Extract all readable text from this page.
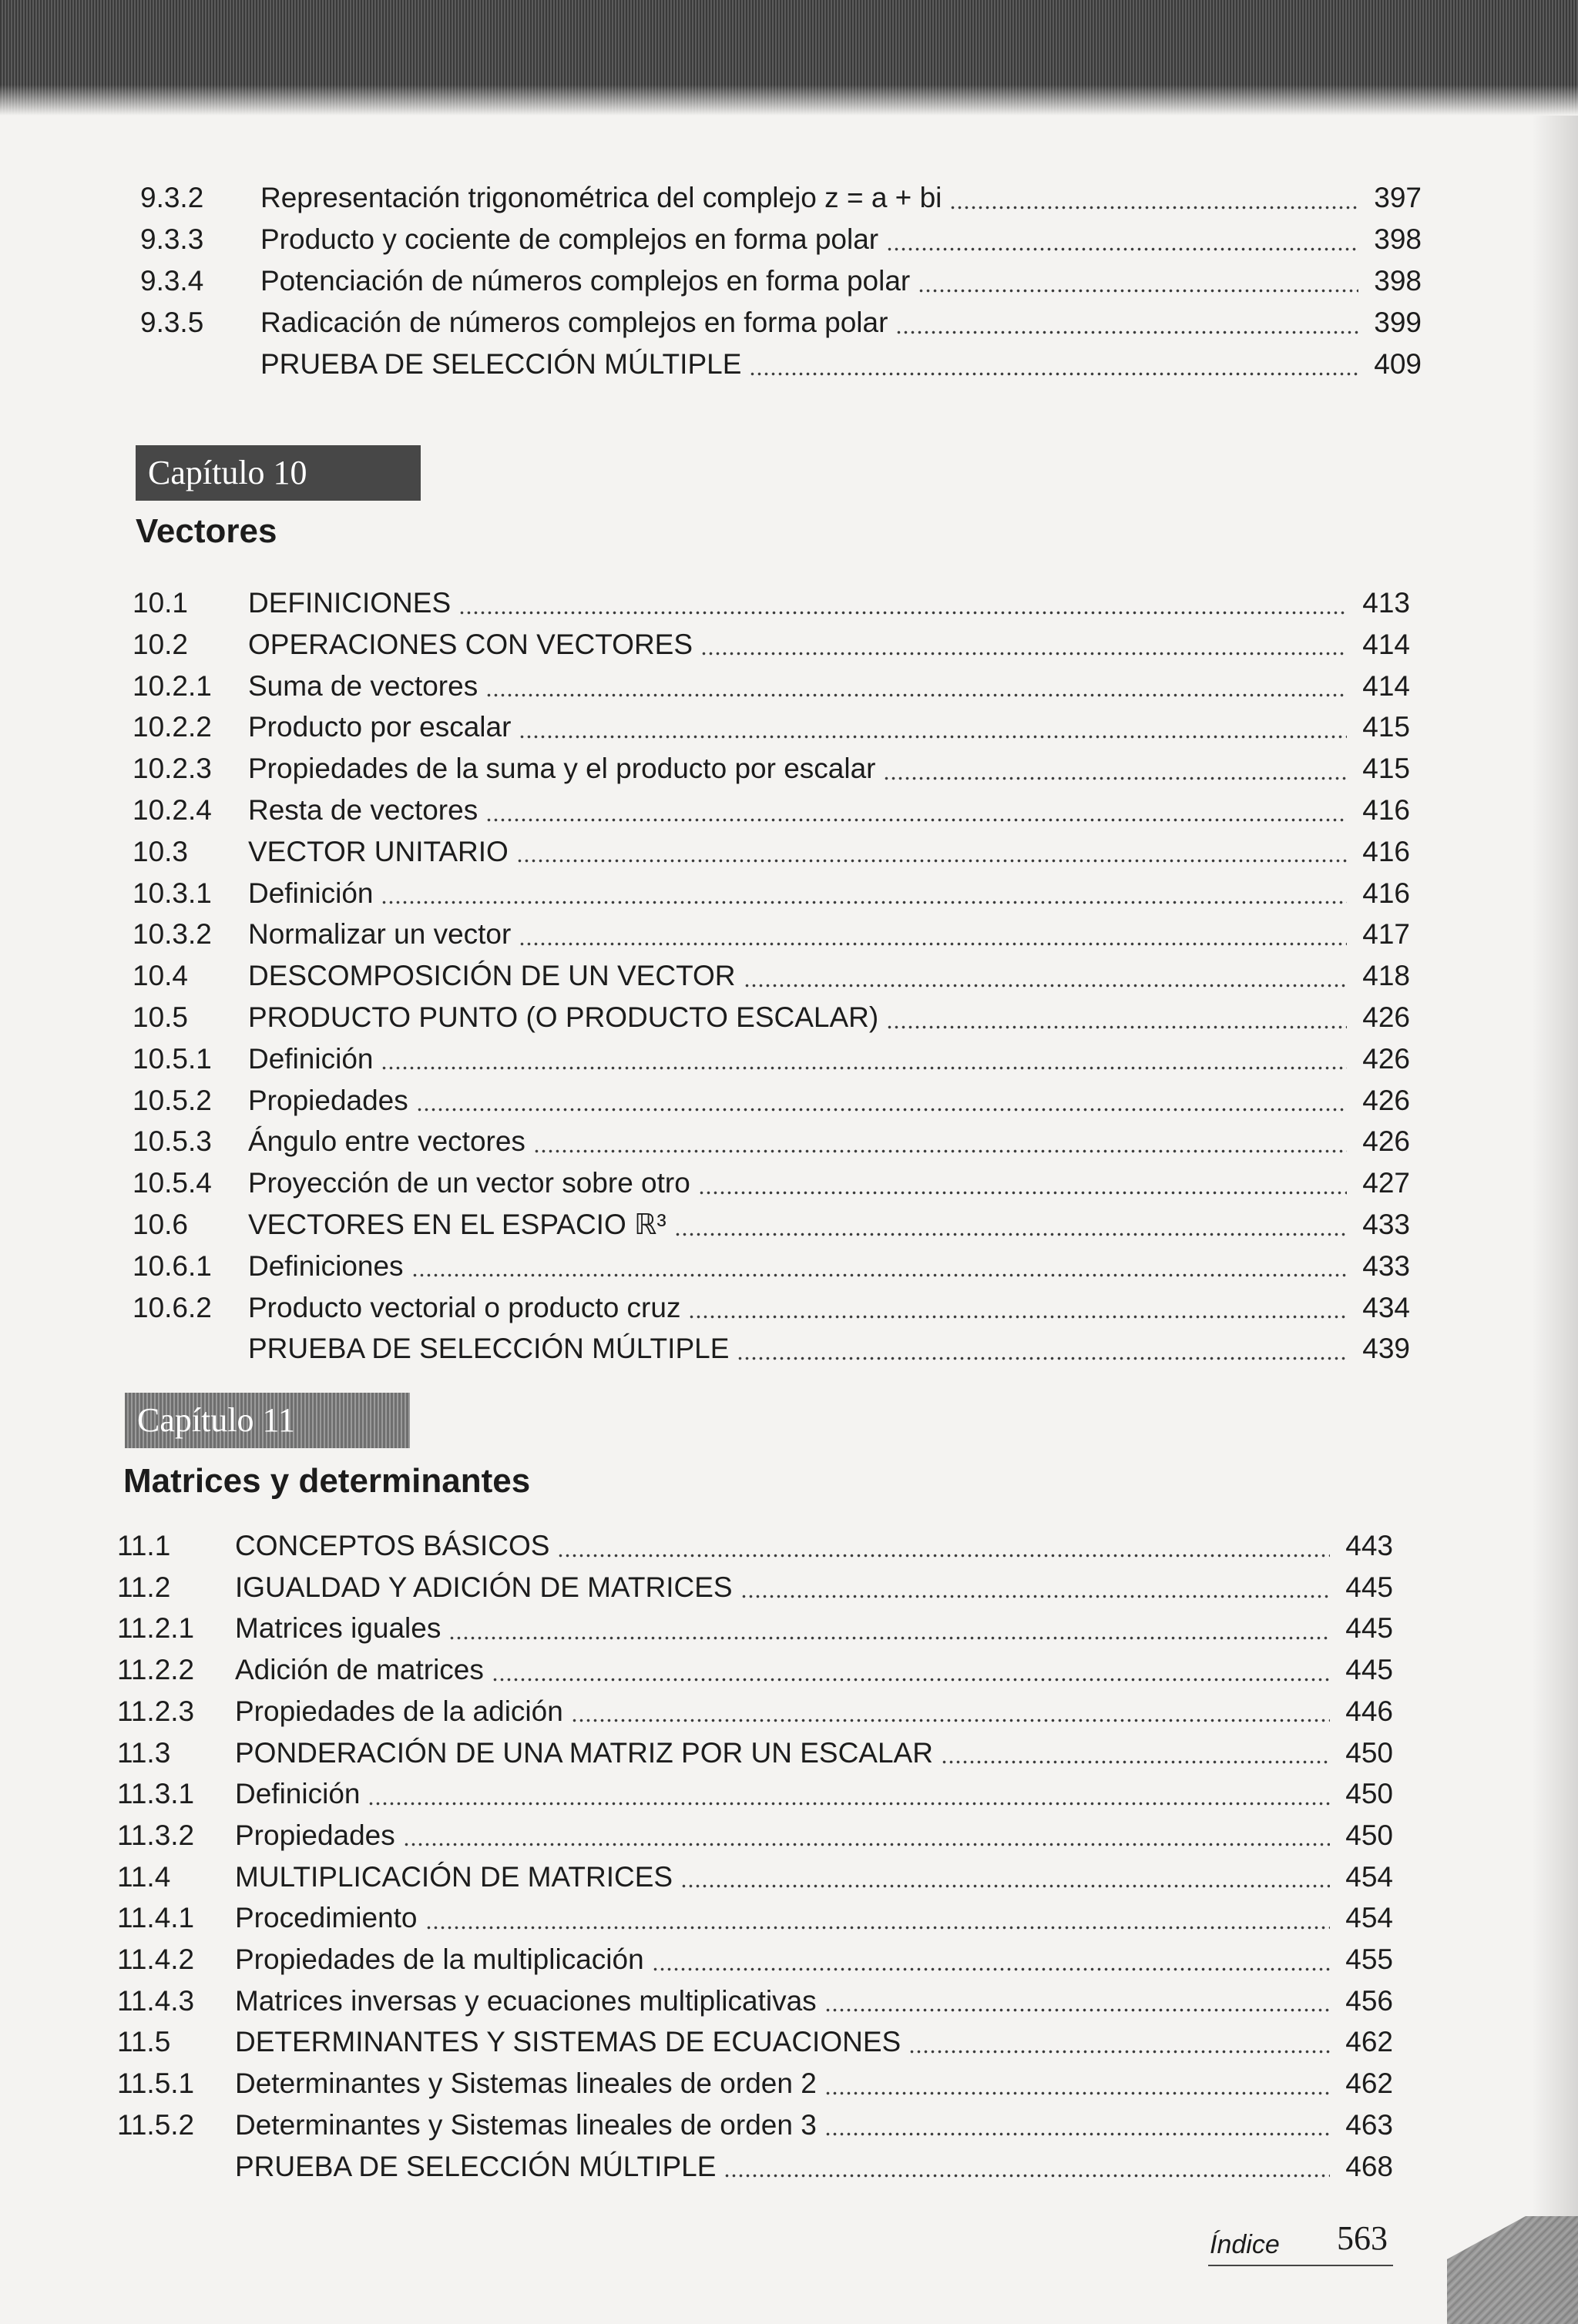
9.3.2	Representación trigonométrica del complejo z = a + bi	397
9.3.3	Producto y cociente de complejos en forma polar	398
9.3.4	Potenciación de números complejos en forma polar	398
9.3.5	Radicación de números complejos en forma polar	399
PRUEBA DE SELECCIÓN MÚLTIPLE	409
Capítulo 10
Vectores
10.1	DEFINICIONES	413
10.2	OPERACIONES CON VECTORES	414
10.2.1	Suma de vectores	414
10.2.2	Producto por escalar	415
10.2.3	Propiedades de la suma y el producto por escalar	415
10.2.4	Resta de vectores	416
10.3	VECTOR UNITARIO	416
10.3.1	Definición	416
10.3.2	Normalizar un vector	417
10.4	DESCOMPOSICIÓN DE UN VECTOR	418
10.5	PRODUCTO PUNTO (O PRODUCTO ESCALAR)	426
10.5.1	Definición	426
10.5.2	Propiedades	426
10.5.3	Ángulo entre vectores	426
10.5.4	Proyección de un vector sobre otro	427
10.6	VECTORES EN EL ESPACIO ℝ³	433
10.6.1	Definiciones	433
10.6.2	Producto vectorial o producto cruz	434
PRUEBA DE SELECCIÓN MÚLTIPLE	439
Capítulo 11
Matrices y determinantes
11.1	CONCEPTOS BÁSICOS	443
11.2	IGUALDAD Y ADICIÓN DE MATRICES	445
11.2.1	Matrices iguales	445
11.2.2	Adición de matrices	445
11.2.3	Propiedades de la adición	446
11.3	PONDERACIÓN DE UNA MATRIZ POR UN ESCALAR	450
11.3.1	Definición	450
11.3.2	Propiedades	450
11.4	MULTIPLICACIÓN DE MATRICES	454
11.4.1	Procedimiento	454
11.4.2	Propiedades de la multiplicación	455
11.4.3	Matrices inversas y ecuaciones multiplicativas	456
11.5	DETERMINANTES Y SISTEMAS DE ECUACIONES	462
11.5.1	Determinantes y Sistemas lineales de orden 2	462
11.5.2	Determinantes y Sistemas lineales de orden 3	463
PRUEBA DE SELECCIÓN MÚLTIPLE	468
Índice 563
